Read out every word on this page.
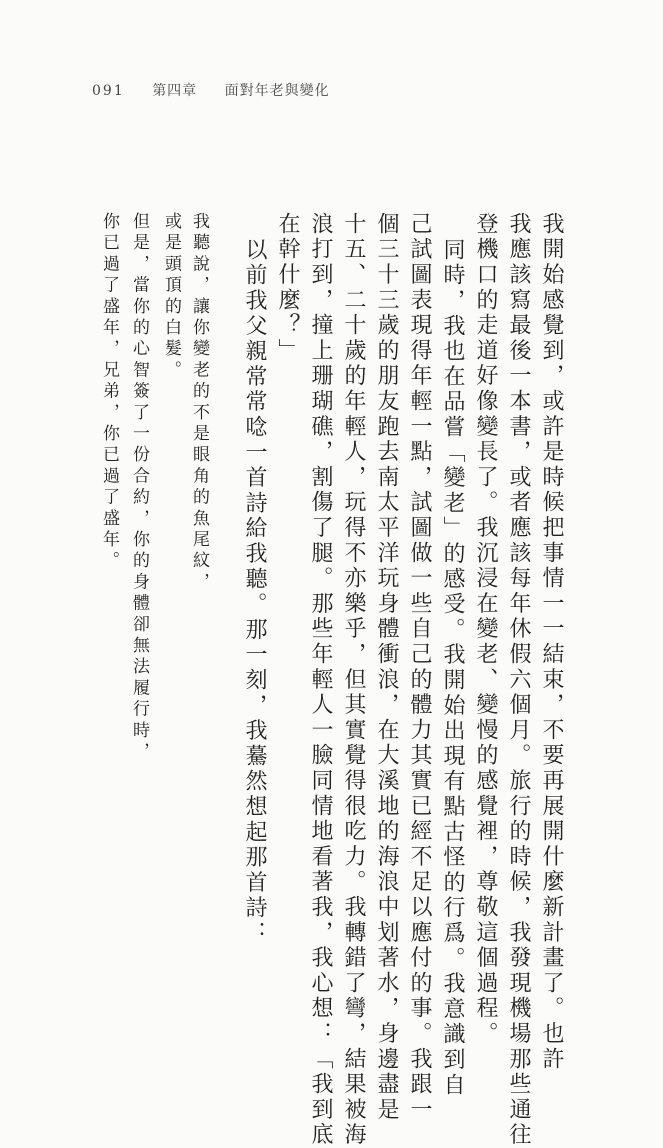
091 第四章 面對年老與變化
我開始感覺到，或許是時候把事情一一結束，不要再展開什麼新計畫了。也許
我應該寫最後一本書，或者應該每年休假六個月。旅行的時候，我發現機場那些通往
登機口的走道好像變長了。我沉浸在變老、變慢的感覺裡，尊敬這個過程。
同時，我也在品嘗「變老」的感受。我開始出現有點古怪的行爲。我意識到自
己試圖表現得年輕一點，試圖做一些自己的體力其實已經不足以應付的事。我跟一
個三十三歲的朋友跑去南太平洋玩身體衝浪，在大溪地的海浪中划著水，身邊盡是
十五、二十歲的年輕人，玩得不亦樂乎，但其實覺得很吃力。我轉錯了彎，結果被海
浪打到，撞上珊瑚礁，割傷了腿。那些年輕人一臉同情地看著我，我心想：「我到底
在幹什麼？」
以前我父親常常唸一首詩給我聽。那一刻，我驀然想起那首詩：
我聽說，讓你變老的不是眼角的魚尾紋，
或是頭頂的白髮。
但是，當你的心智簽了一份合約，你的身體卻無法履行時，
你已過了盛年，兄弟，你已過了盛年。
